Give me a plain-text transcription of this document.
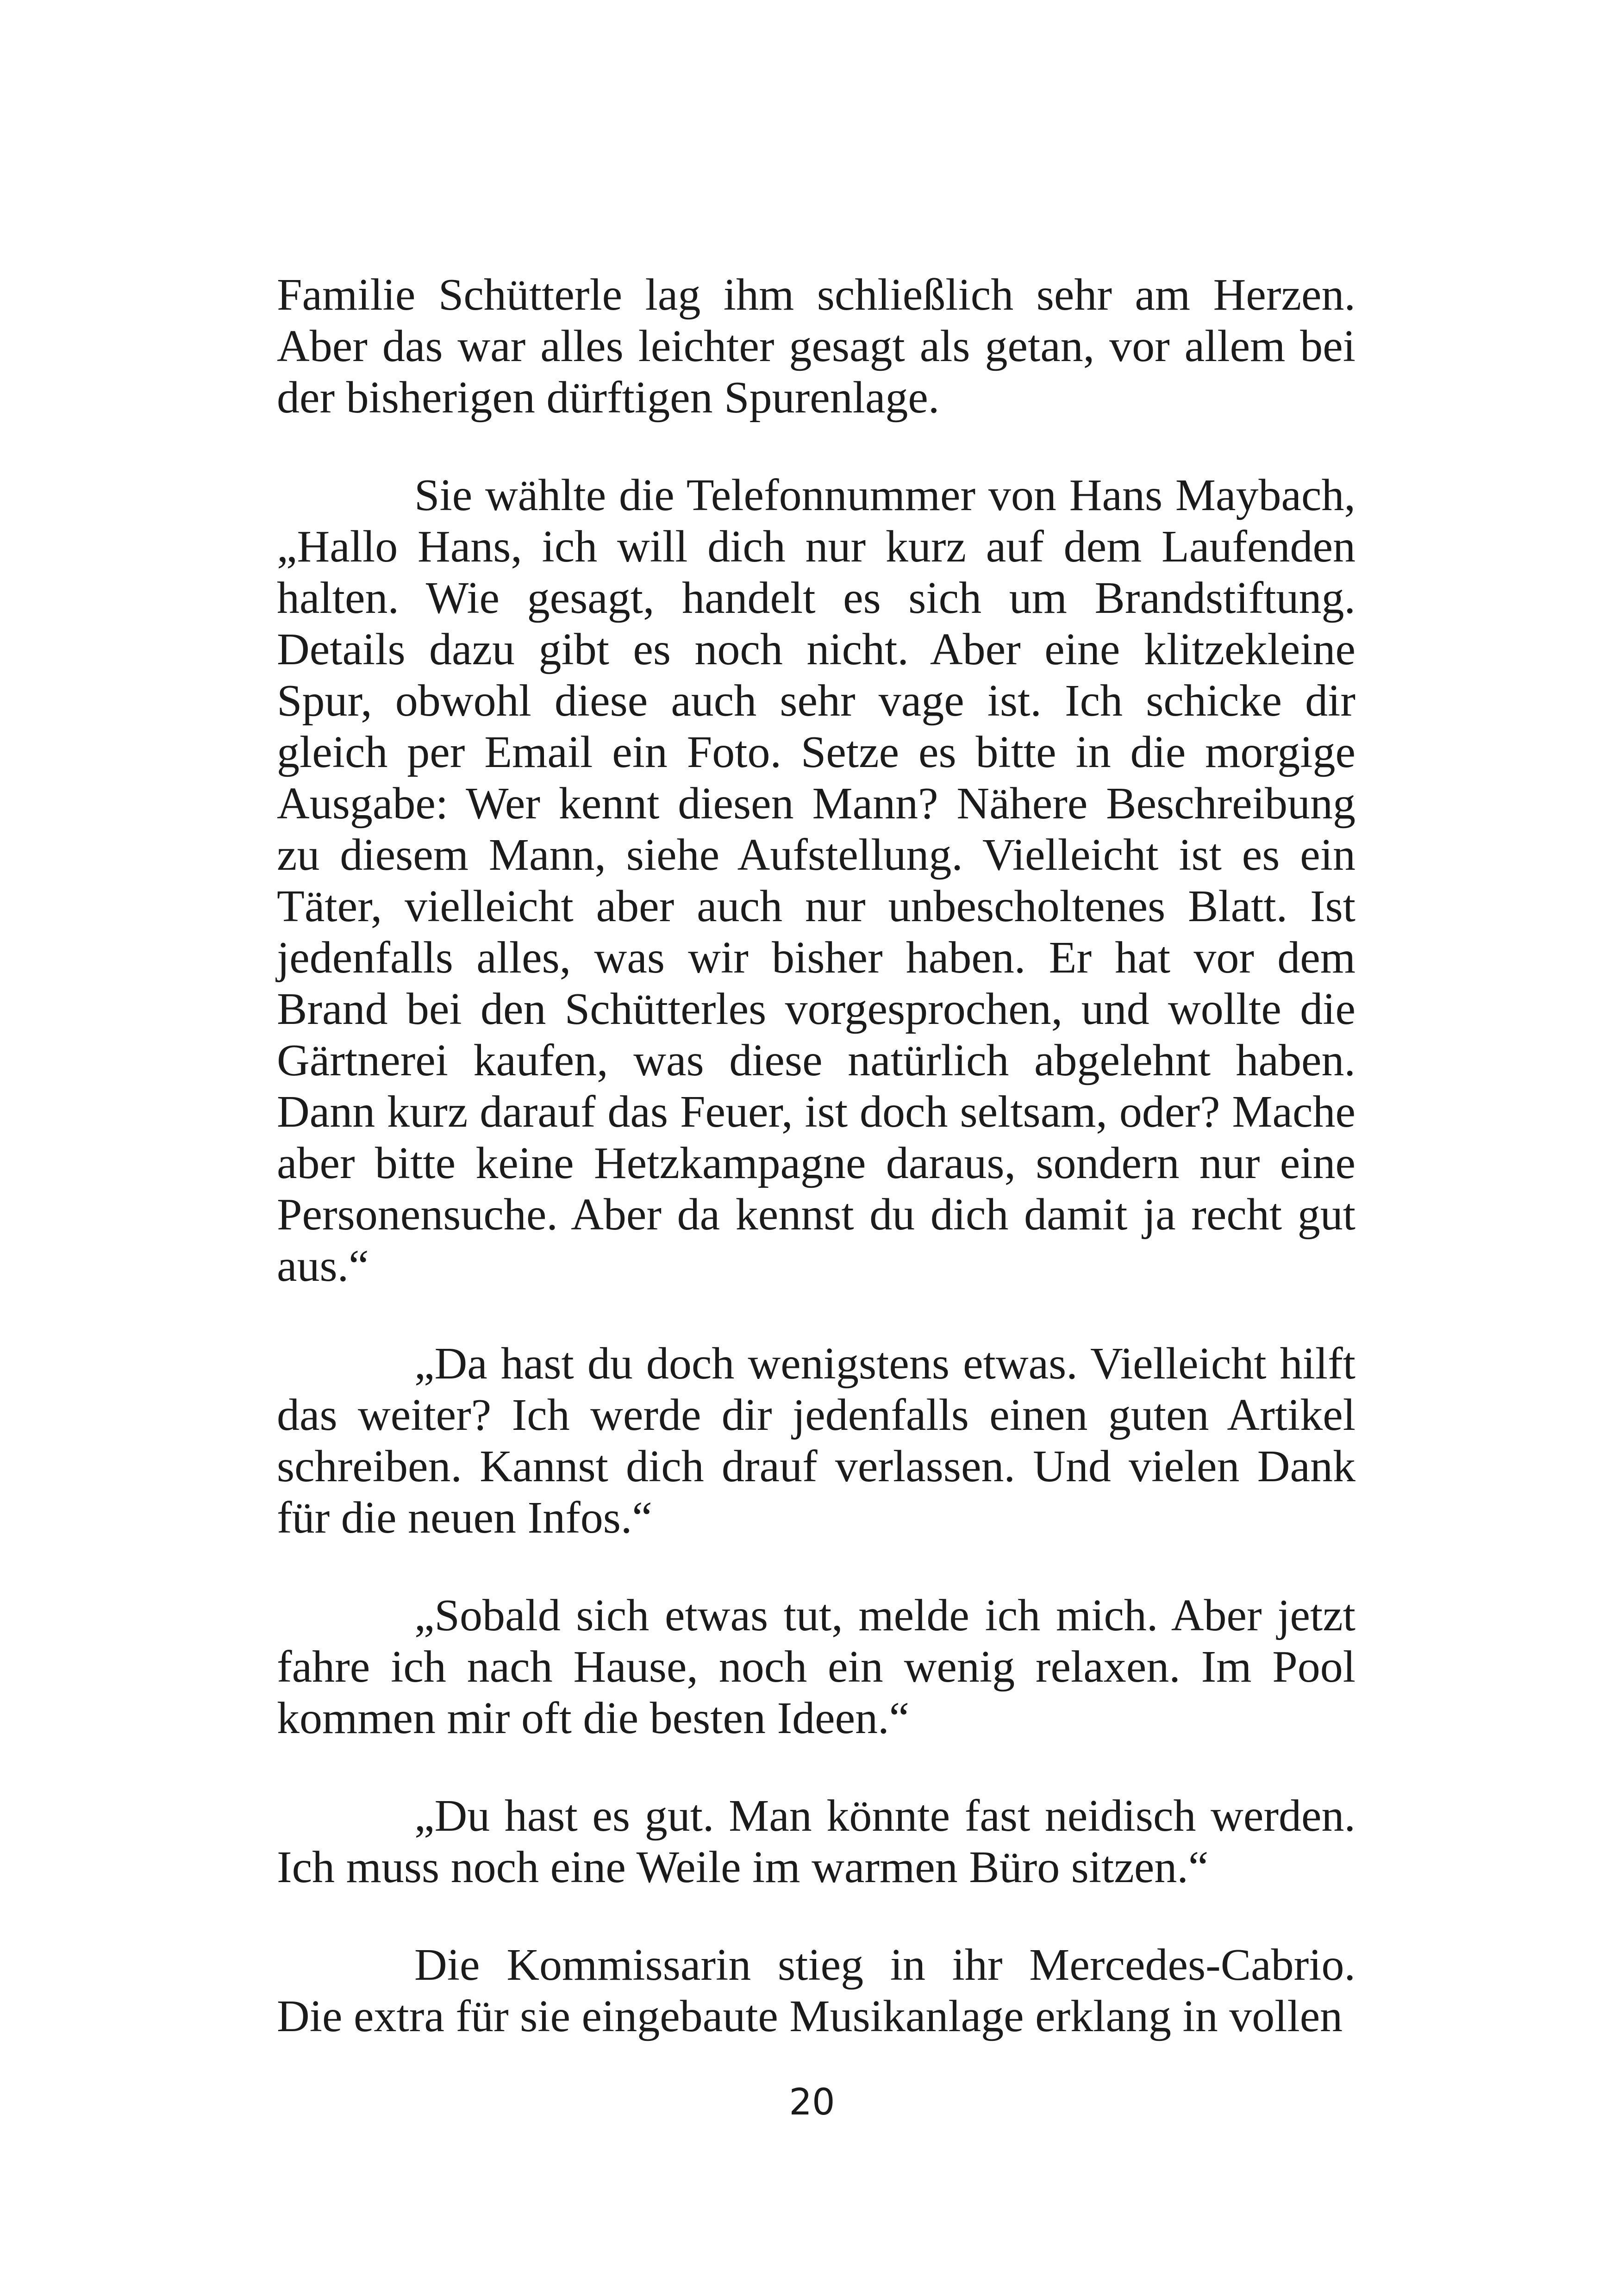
Familie Schütterle lag ihm schließlich sehr am Herzen. Aber das war alles leichter gesagt als getan, vor allem bei der bisherigen dürftigen Spurenlage.

Sie wählte die Telefonnummer von Hans Maybach, „Hallo Hans, ich will dich nur kurz auf dem Laufenden halten. Wie gesagt, handelt es sich um Brandstiftung. Details dazu gibt es noch nicht. Aber eine klitzekleine Spur, obwohl diese auch sehr vage ist. Ich schicke dir gleich per Email ein Foto. Setze es bitte in die morgige Ausgabe: Wer kennt diesen Mann? Nähere Beschreibung zu diesem Mann, siehe Aufstellung. Vielleicht ist es ein Täter, vielleicht aber auch nur unbescholtenes Blatt. Ist jedenfalls alles, was wir bisher haben. Er hat vor dem Brand bei den Schütterles vorgesprochen, und wollte die Gärtnerei kaufen, was diese natürlich abgelehnt haben. Dann kurz darauf das Feuer, ist doch seltsam, oder? Mache aber bitte keine Hetzkampagne daraus, sondern nur eine Personensuche. Aber da kennst du dich damit ja recht gut aus.“

„Da hast du doch wenigstens etwas. Vielleicht hilft das weiter? Ich werde dir jedenfalls einen guten Artikel schreiben. Kannst dich drauf verlassen. Und vielen Dank für die neuen Infos.“

„Sobald sich etwas tut, melde ich mich. Aber jetzt fahre ich nach Hause, noch ein wenig relaxen. Im Pool kommen mir oft die besten Ideen.“

„Du hast es gut. Man könnte fast neidisch werden. Ich muss noch eine Weile im warmen Büro sitzen.“

Die Kommissarin stieg in ihr Mercedes-Cabrio. Die extra für sie eingebaute Musikanlage erklang in vollen

20
